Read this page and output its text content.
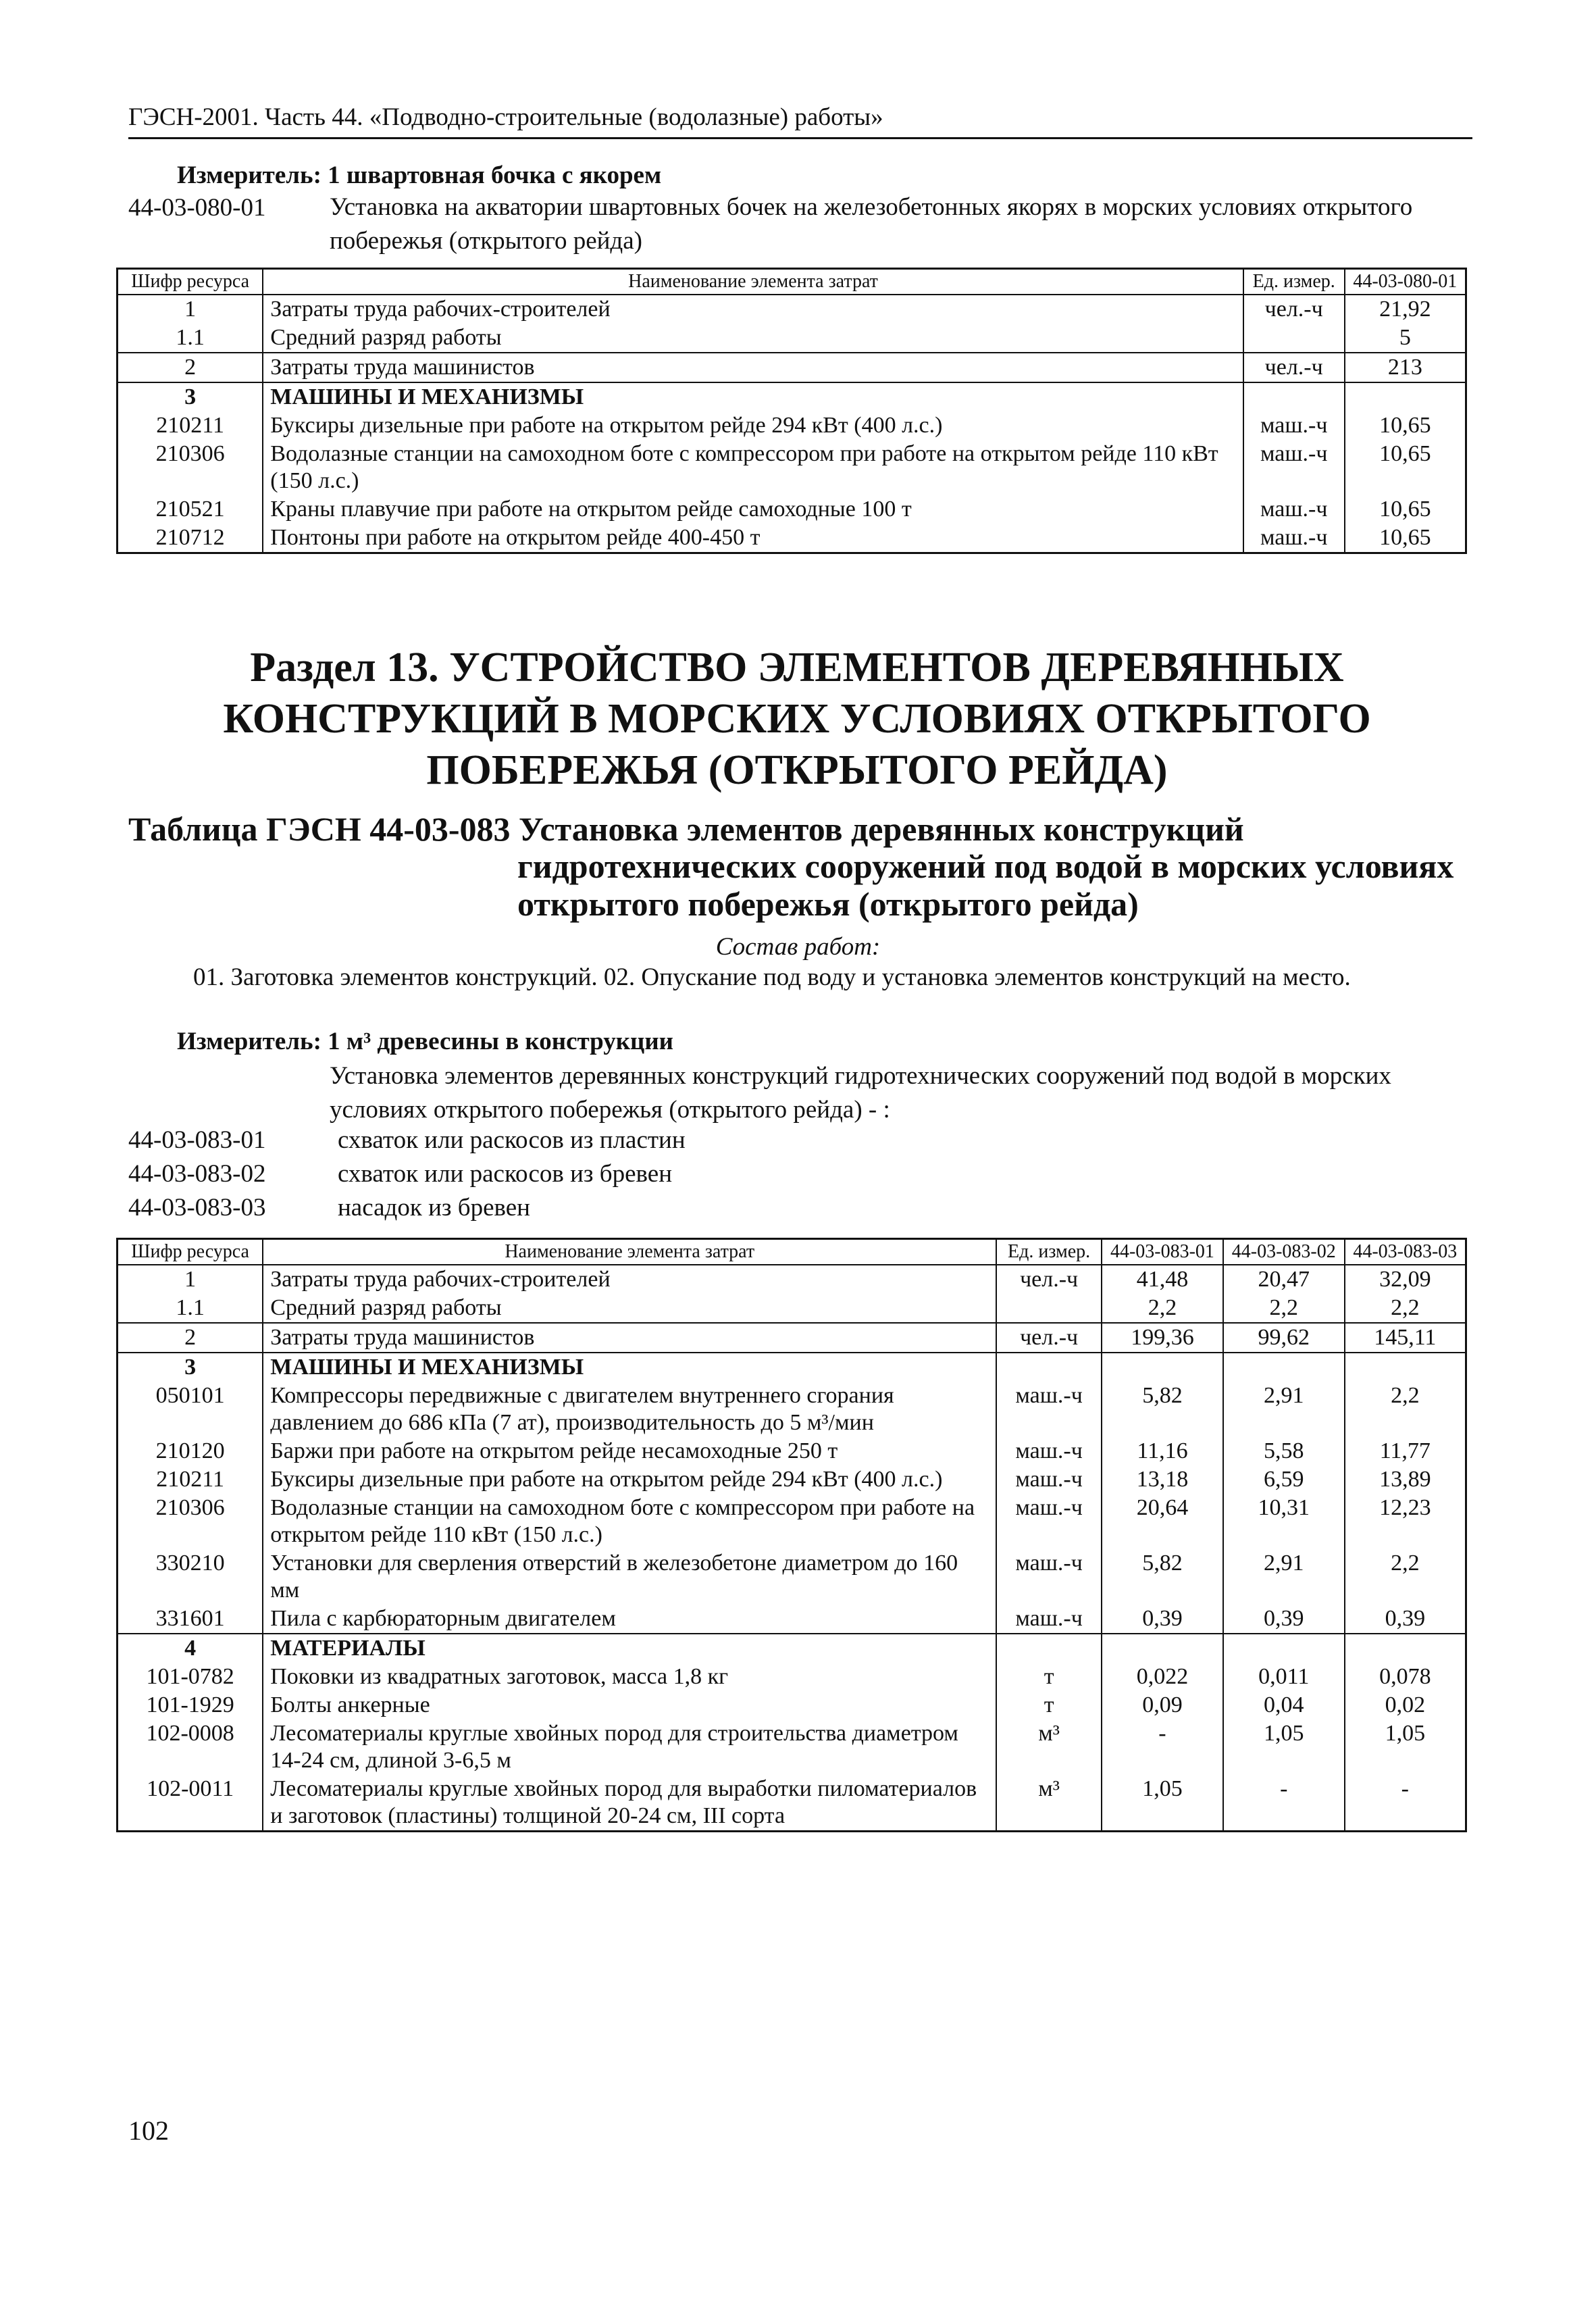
ГЭСН-2001. Часть 44. «Подводно-строительные (водолазные) работы»
Измеритель: 1 швартовная бочка с якорем
44-03-080-01	Установка на акватории швартовных бочек на железобетонных якорях в морских условиях открытого побережья (открытого рейда)
Шифр ресурса	Наименование элемента затрат	Ед. измер.	44-03-080-01
1	Затраты труда рабочих-строителей	чел.-ч	21,92
1.1	Средний разряд работы		5
2	Затраты труда машинистов	чел.-ч	213
3	МАШИНЫ И МЕХАНИЗМЫ		
210211	Буксиры дизельные при работе на открытом рейде 294 кВт (400 л.с.)	маш.-ч	10,65
210306	Водолазные станции на самоходном боте с компрессором при работе на открытом рейде 110 кВт (150 л.с.)	маш.-ч	10,65
210521	Краны плавучие при работе на открытом рейде самоходные 100 т	маш.-ч	10,65
210712	Понтоны при работе на открытом рейде 400-450 т	маш.-ч	10,65
Раздел 13. УСТРОЙСТВО ЭЛЕМЕНТОВ ДЕРЕВЯННЫХ КОНСТРУКЦИЙ В МОРСКИХ УСЛОВИЯХ ОТКРЫТОГО ПОБЕРЕЖЬЯ (ОТКРЫТОГО РЕЙДА)
Таблица ГЭСН 44-03-083 Установка элементов деревянных конструкций
гидротехнических сооружений под водой в морских условиях открытого побережья (открытого рейда)
Состав работ:
01. Заготовка элементов конструкций. 02. Опускание под воду и установка элементов конструкций на место.
Измеритель: 1 м³ древесины в конструкции
Установка элементов деревянных конструкций гидротехнических сооружений под водой в морских условиях открытого побережья (открытого рейда) - :
44-03-083-01	схваток или раскосов из пластин
44-03-083-02	схваток или раскосов из бревен
44-03-083-03	насадок из бревен
Шифр ресурса	Наименование элемента затрат	Ед. измер.	44-03-083-01	44-03-083-02	44-03-083-03
1	Затраты труда рабочих-строителей	чел.-ч	41,48	20,47	32,09
1.1	Средний разряд работы		2,2	2,2	2,2
2	Затраты труда машинистов	чел.-ч	199,36	99,62	145,11
3	МАШИНЫ И МЕХАНИЗМЫ				
050101	Компрессоры передвижные с двигателем внутреннего сгорания давлением до 686 кПа (7 ат), производительность до 5 м³/мин	маш.-ч	5,82	2,91	2,2
210120	Баржи при работе на открытом рейде несамоходные 250 т	маш.-ч	11,16	5,58	11,77
210211	Буксиры дизельные при работе на открытом рейде 294 кВт (400 л.с.)	маш.-ч	13,18	6,59	13,89
210306	Водолазные станции на самоходном боте с компрессором при работе на открытом рейде 110 кВт (150 л.с.)	маш.-ч	20,64	10,31	12,23
330210	Установки для сверления отверстий в железобетоне диаметром до 160 мм	маш.-ч	5,82	2,91	2,2
331601	Пила с карбюраторным двигателем	маш.-ч	0,39	0,39	0,39
4	МАТЕРИАЛЫ				
101-0782	Поковки из квадратных заготовок, масса 1,8 кг	т	0,022	0,011	0,078
101-1929	Болты анкерные	т	0,09	0,04	0,02
102-0008	Лесоматериалы круглые хвойных пород для строительства диаметром 14-24 см, длиной 3-6,5 м	м³	-	1,05	1,05
102-0011	Лесоматериалы круглые хвойных пород для выработки пиломатериалов и заготовок (пластины) толщиной 20-24 см, III сорта	м³	1,05	-	-
102
